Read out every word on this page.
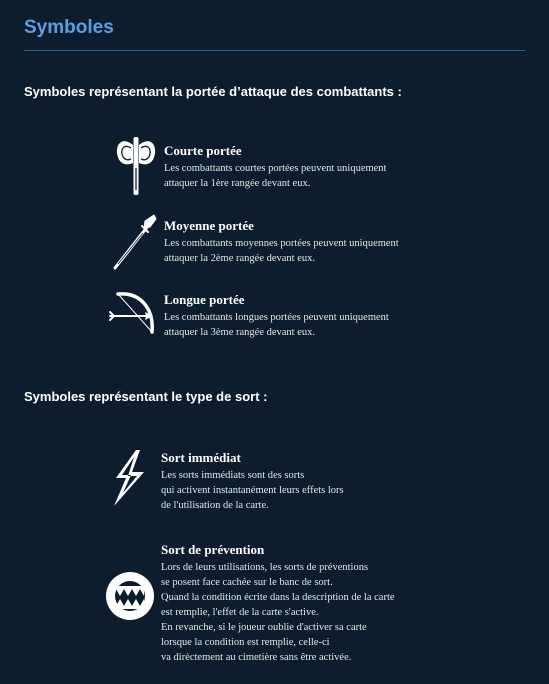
Symboles
Symboles représentant la portée d’attaque des combattants :

Courte portée

Les combattants courtes portées peuvent uniquement
attaquer la 1ère rangée devant eux.

Moyenne portée

Les combattants moyennes portées peuvent uniquement
attaquer la 2ème rangée devant eux.

Longue portée

Les combattants longues portées peuvent uniquement
attaquer la 3ème rangée devant eux.

Symboles représentant le type de sort :

Sort immédiat

Les sorts immédiats sont des sorts
qui activent instantanément leurs effets lors
de l'utilisation de la carte.

Sort de prévention

Lors de leurs utilisations, les sorts de préventions
se posent face cachée sur le banc de sort.
Quand la condition écrite dans la description de la carte
est remplie, l'effet de la carte s'active.
En revanche, si le joueur oublie d'activer sa carte
lorsque la condition est remplie, celle-ci
va dirèctement au cimetière sans être activée.
